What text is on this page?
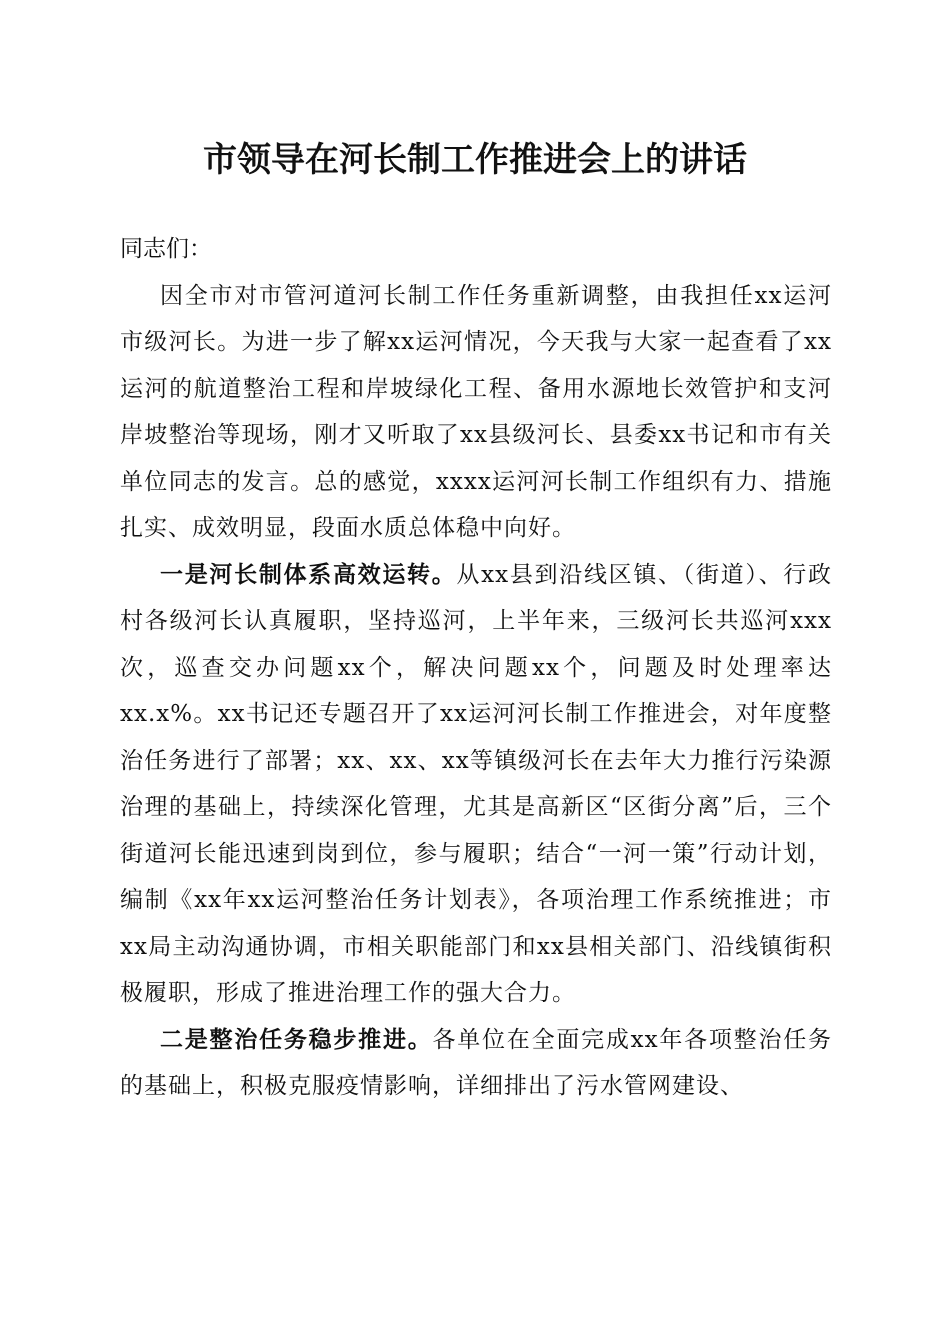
市领导在河长制工作推进会上的讲话

同志们：

因全市对市管河道河长制工作任务重新调整，由我担任xx运河市级河长。为进一步了解xx运河情况，今天我与大家一起查看了xx运河的航道整治工程和岸坡绿化工程、备用水源地长效管护和支河岸坡整治等现场，刚才又听取了xx县级河长、县委xx书记和市有关单位同志的发言。总的感觉，xxxx运河河长制工作组织有力、措施扎实、成效明显，段面水质总体稳中向好。

一是河长制体系高效运转。从xx县到沿线区镇、（街道）、行政村各级河长认真履职，坚持巡河，上半年来，三级河长共巡河xxx次，巡查交办问题xx个，解决问题xx个，问题及时处理率达xx.x%。xx书记还专题召开了xx运河河长制工作推进会，对年度整治任务进行了部署；xx、xx、xx等镇级河长在去年大力推行污染源治理的基础上，持续深化管理，尤其是高新区“区街分离”后，三个街道河长能迅速到岗到位，参与履职；结合“一河一策”行动计划，编制《xx年xx运河整治任务计划表》，各项治理工作系统推进；市xx局主动沟通协调，市相关职能部门和xx县相关部门、沿线镇街积极履职，形成了推进治理工作的强大合力。

二是整治任务稳步推进。各单位在全面完成xx年各项整治任务的基础上，积极克服疫情影响，详细排出了污水管网建设、
